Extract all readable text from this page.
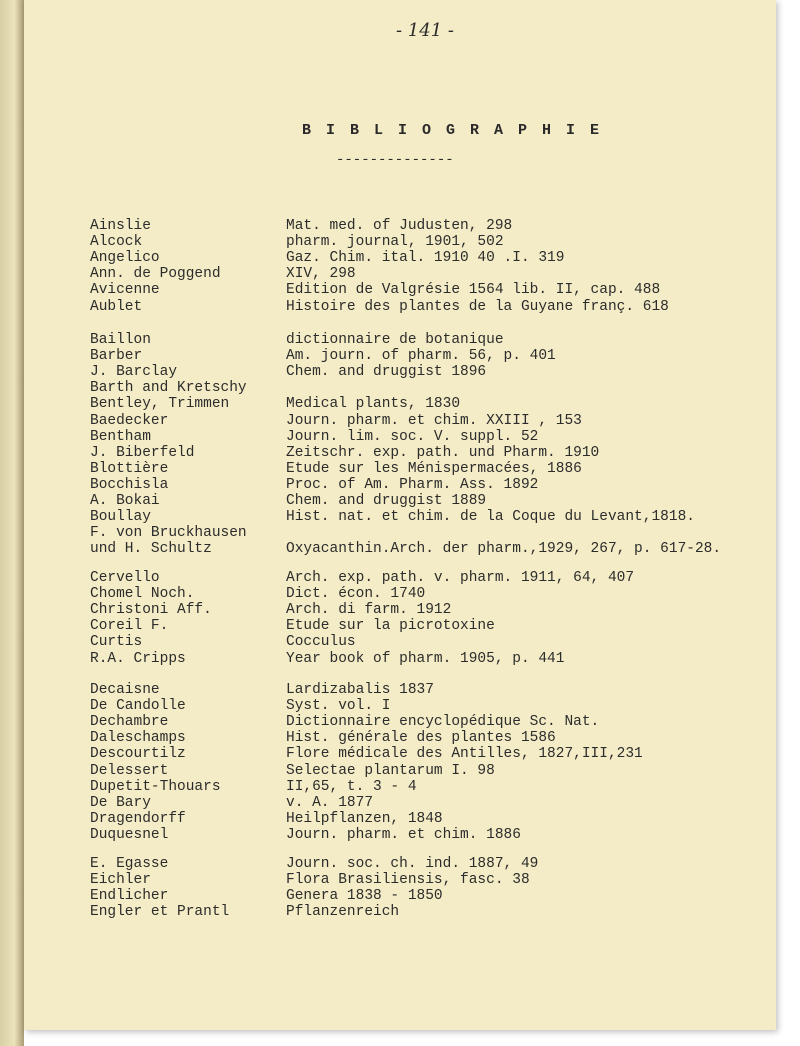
- 141 -
B I B L I O G R A P H I E
--------------
Ainslie	Mat. med. of Judusten, 298
Alcock	pharm. journal, 1901, 502
Angelico	Gaz. Chim. ital. 1910 40 .I. 319
Ann. de Poggend	XIV, 298
Avicenne	Edition de Valgrésie 1564 lib. II, cap. 488
Aublet	Histoire des plantes de la Guyane franç. 618
Baillon	dictionnaire de botanique
Barber	Am. journ. of pharm. 56, p. 401
J. Barclay	Chem. and druggist 1896
Barth and Kretschy
Bentley, Trimmen	Medical plants, 1830
Baedecker	Journ. pharm. et chim. XXIII , 153
Bentham	Journ. lim. soc. V. suppl. 52
J. Biberfeld	Zeitschr. exp. path. und Pharm. 1910
Blottière	Etude sur les Ménispermacées, 1886
Bocchisla	Proc. of Am. Pharm. Ass. 1892
A. Bokai	Chem. and druggist 1889
Boullay	Hist. nat. et chim. de la Coque du Levant,1818.
F. von Bruckhausen
und H. Schultz	Oxyacanthin.Arch. der pharm.,1929, 267, p. 617-28.
Cervello	Arch. exp. path. v. pharm. 1911, 64, 407
Chomel Noch.	Dict. écon. 1740
Christoni Aff.	Arch. di farm. 1912
Coreil F.	Etude sur la picrotoxine
Curtis	Cocculus
R.A. Cripps	Year book of pharm. 1905, p. 441
Decaisne	Lardizabalis 1837
De Candolle	Syst. vol. I
Dechambre	Dictionnaire encyclopédique Sc. Nat.
Daleschamps	Hist. générale des plantes 1586
Descourtilz	Flore médicale des Antilles, 1827,III,231
Delessert	Selectae plantarum I. 98
Dupetit-Thouars	II,65, t. 3 - 4
De Bary	v. A. 1877
Dragendorff	Heilpflanzen, 1848
Duquesnel	Journ. pharm. et chim. 1886
E. Egasse	Journ. soc. ch. ind. 1887, 49
Eichler	Flora Brasiliensis, fasc. 38
Endlicher	Genera 1838 - 1850
Engler et Prantl	Pflanzenreich
